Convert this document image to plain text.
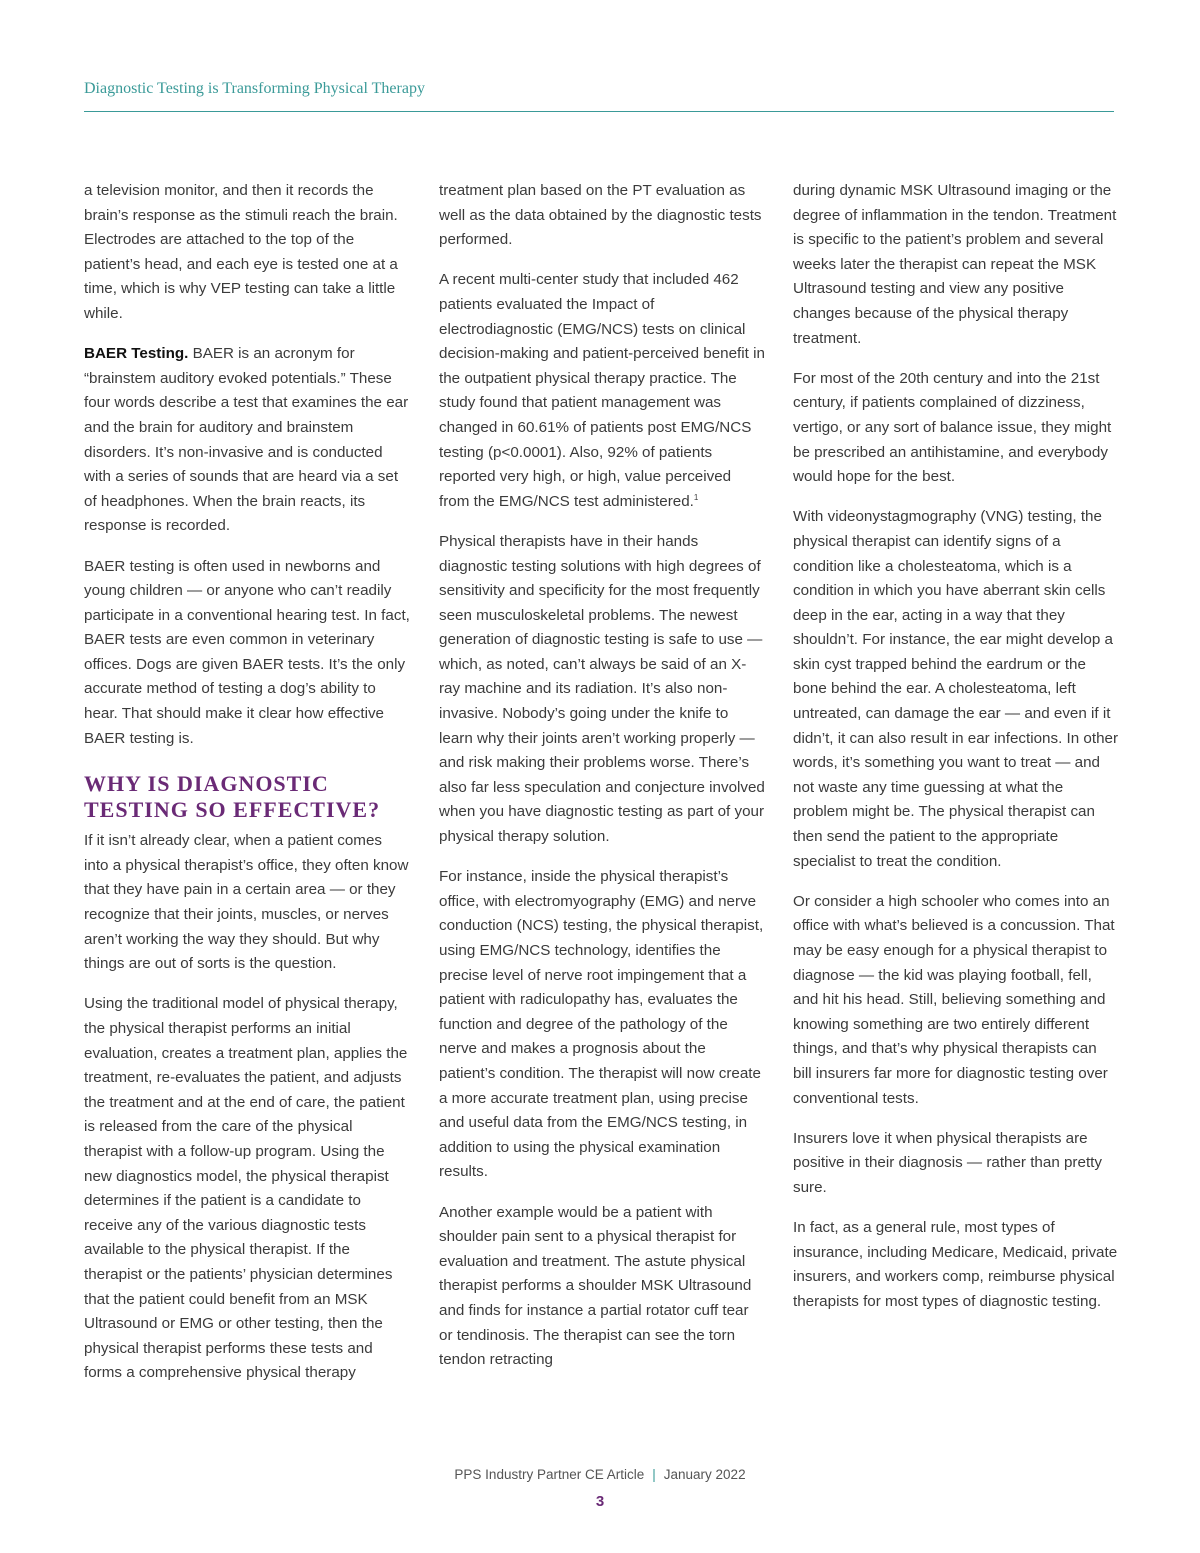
Diagnostic Testing is Transforming Physical Therapy

a television monitor, and then it records the brain’s response as the stimuli reach the brain. Electrodes are attached to the top of the patient’s head, and each eye is tested one at a time, which is why VEP testing can take a little while.

BAER Testing. BAER is an acronym for “brainstem auditory evoked potentials.” These four words describe a test that examines the ear and the brain for auditory and brainstem disorders. It’s non-invasive and is conducted with a series of sounds that are heard via a set of headphones. When the brain reacts, its response is recorded.

BAER testing is often used in newborns and young children — or anyone who can’t readily participate in a conventional hearing test. In fact, BAER tests are even common in veterinary offices. Dogs are given BAER tests. It’s the only accurate method of testing a dog’s ability to hear. That should make it clear how effective BAER testing is.

WHY IS DIAGNOSTIC
TESTING SO EFFECTIVE?

If it isn’t already clear, when a patient comes into a physical therapist’s office, they often know that they have pain in a certain area — or they recognize that their joints, muscles, or nerves aren’t working the way they should. But why things are out of sorts is the question.

Using the traditional model of physical therapy, the physical therapist performs an initial evaluation, creates a treatment plan, applies the treatment, re-evaluates the patient, and adjusts the treatment and at the end of care, the patient is released from the care of the physical therapist with a follow-up program. Using the new diagnostics model, the physical therapist determines if the patient is a candidate to receive any of the various diagnostic tests available to the physical therapist. If the therapist or the patients’ physician determines that the patient could benefit from an MSK Ultrasound or EMG or other testing, then the physical therapist performs these tests and forms a comprehensive physical therapy

treatment plan based on the PT evaluation as well as the data obtained by the diagnostic tests performed.

A recent multi-center study that included 462 patients evaluated the Impact of electrodiagnostic (EMG/NCS) tests on clinical decision-making and patient-perceived benefit in the outpatient physical therapy practice. The study found that patient management was changed in 60.61% of patients post EMG/NCS testing (p<0.0001). Also, 92% of patients reported very high, or high, value perceived from the EMG/NCS test administered.$^1$

Physical therapists have in their hands diagnostic testing solutions with high degrees of sensitivity and specificity for the most frequently seen musculoskeletal problems. The newest generation of diagnostic testing is safe to use — which, as noted, can’t always be said of an X-ray machine and its radiation. It’s also non-invasive. Nobody’s going under the knife to learn why their joints aren’t working properly — and risk making their problems worse. There’s also far less speculation and conjecture involved when you have diagnostic testing as part of your physical therapy solution.

For instance, inside the physical therapist’s office, with electromyography (EMG) and nerve conduction (NCS) testing, the physical therapist, using EMG/NCS technology, identifies the precise level of nerve root impingement that a patient with radiculopathy has, evaluates the function and degree of the pathology of the nerve and makes a prognosis about the patient’s condition. The therapist will now create a more accurate treatment plan, using precise and useful data from the EMG/NCS testing, in addition to using the physical examination results.

Another example would be a patient with shoulder pain sent to a physical therapist for evaluation and treatment. The astute physical therapist performs a shoulder MSK Ultrasound and finds for instance a partial rotator cuff tear or tendinosis. The therapist can see the torn tendon retracting

during dynamic MSK Ultrasound imaging or the degree of inflammation in the tendon. Treatment is specific to the patient’s problem and several weeks later the therapist can repeat the MSK Ultrasound testing and view any positive changes because of the physical therapy treatment.

For most of the 20th century and into the 21st century, if patients complained of dizziness, vertigo, or any sort of balance issue, they might be prescribed an antihistamine, and everybody would hope for the best.

With videonystagmography (VNG) testing, the physical therapist can identify signs of a condition like a cholesteatoma, which is a condition in which you have aberrant skin cells deep in the ear, acting in a way that they shouldn’t. For instance, the ear might develop a skin cyst trapped behind the eardrum or the bone behind the ear. A cholesteatoma, left untreated, can damage the ear — and even if it didn’t, it can also result in ear infections. In other words, it’s something you want to treat — and not waste any time guessing at what the problem might be. The physical therapist can then send the patient to the appropriate specialist to treat the condition.

Or consider a high schooler who comes into an office with what’s believed is a concussion. That may be easy enough for a physical therapist to diagnose — the kid was playing football, fell, and hit his head. Still, believing something and knowing something are two entirely different things, and that’s why physical therapists can bill insurers far more for diagnostic testing over conventional tests.

Insurers love it when physical therapists are positive in their diagnosis — rather than pretty sure.

In fact, as a general rule, most types of insurance, including Medicare, Medicaid, private insurers, and workers comp, reimburse physical therapists for most types of diagnostic testing.

PPS Industry Partner CE Article | January 2022
3
